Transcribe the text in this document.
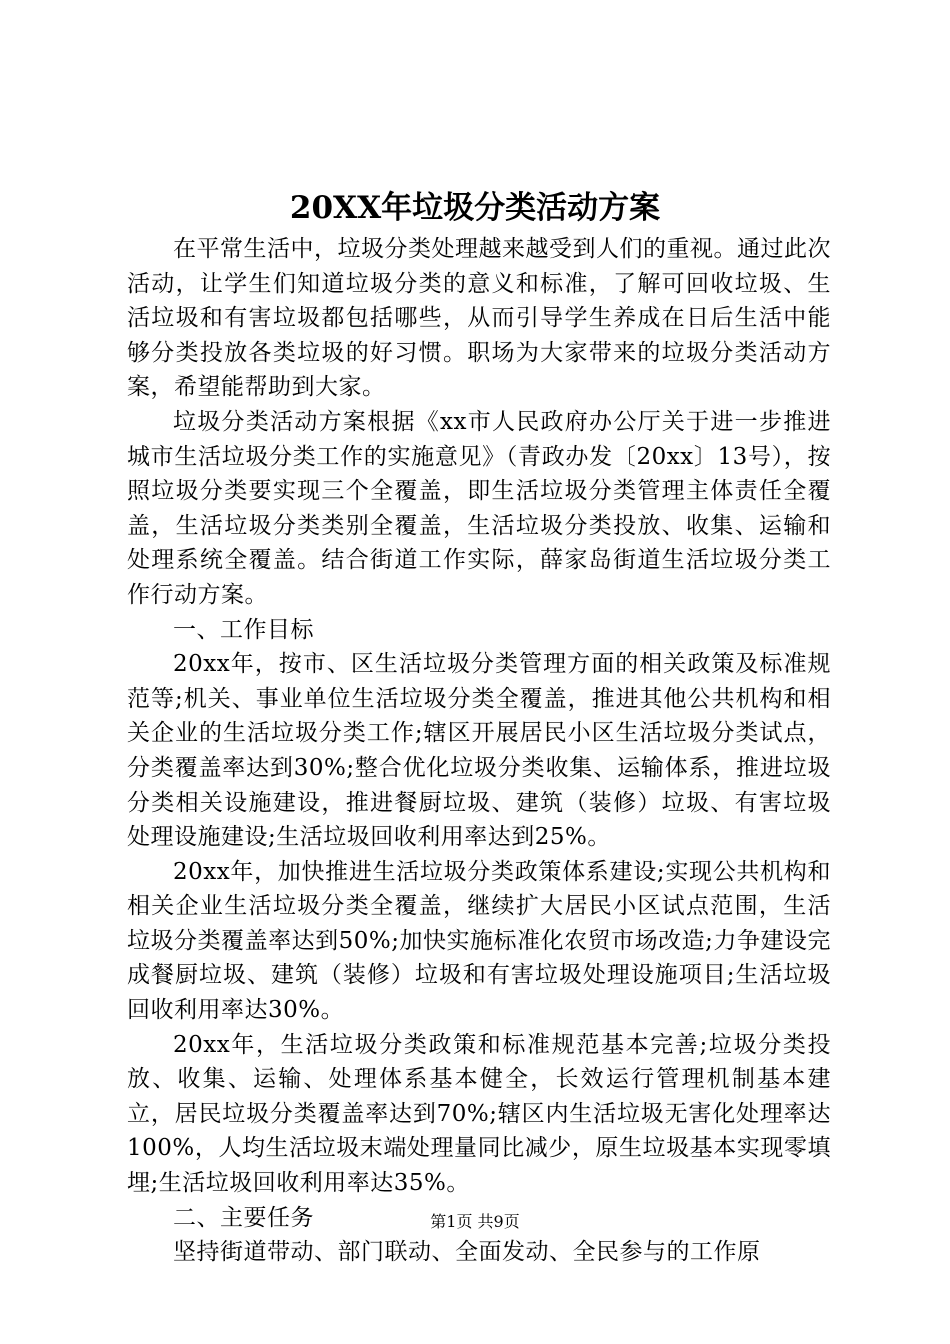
20XX年垃圾分类活动方案

在平常生活中，垃圾分类处理越来越受到人们的重视。通过此次活动，让学生们知道垃圾分类的意义和标准，了解可回收垃圾、生活垃圾和有害垃圾都包括哪些，从而引导学生养成在日后生活中能够分类投放各类垃圾的好习惯。职场为大家带来的垃圾分类活动方案，希望能帮助到大家。

垃圾分类活动方案根据《xx市人民政府办公厅关于进一步推进城市生活垃圾分类工作的实施意见》（青政办发〔20xx〕13号），按照垃圾分类要实现三个全覆盖，即生活垃圾分类管理主体责任全覆盖，生活垃圾分类类别全覆盖，生活垃圾分类投放、收集、运输和处理系统全覆盖。结合街道工作实际，薛家岛街道生活垃圾分类工作行动方案。

一、工作目标

20xx年，按市、区生活垃圾分类管理方面的相关政策及标准规范等;机关、事业单位生活垃圾分类全覆盖，推进其他公共机构和相关企业的生活垃圾分类工作;辖区开展居民小区生活垃圾分类试点，分类覆盖率达到30%;整合优化垃圾分类收集、运输体系，推进垃圾分类相关设施建设，推进餐厨垃圾、建筑（装修）垃圾、有害垃圾处理设施建设;生活垃圾回收利用率达到25%。

20xx年，加快推进生活垃圾分类政策体系建设;实现公共机构和相关企业生活垃圾分类全覆盖，继续扩大居民小区试点范围，生活垃圾分类覆盖率达到50%;加快实施标准化农贸市场改造;力争建设完成餐厨垃圾、建筑（装修）垃圾和有害垃圾处理设施项目;生活垃圾回收利用率达30%。

20xx年，生活垃圾分类政策和标准规范基本完善;垃圾分类投放、收集、运输、处理体系基本健全，长效运行管理机制基本建立，居民垃圾分类覆盖率达到70%;辖区内生活垃圾无害化处理率达100%，人均生活垃圾末端处理量同比减少，原生垃圾基本实现零填埋;生活垃圾回收利用率达35%。

二、主要任务

坚持街道带动、部门联动、全面发动、全民参与的工作原

第1页 共9页
